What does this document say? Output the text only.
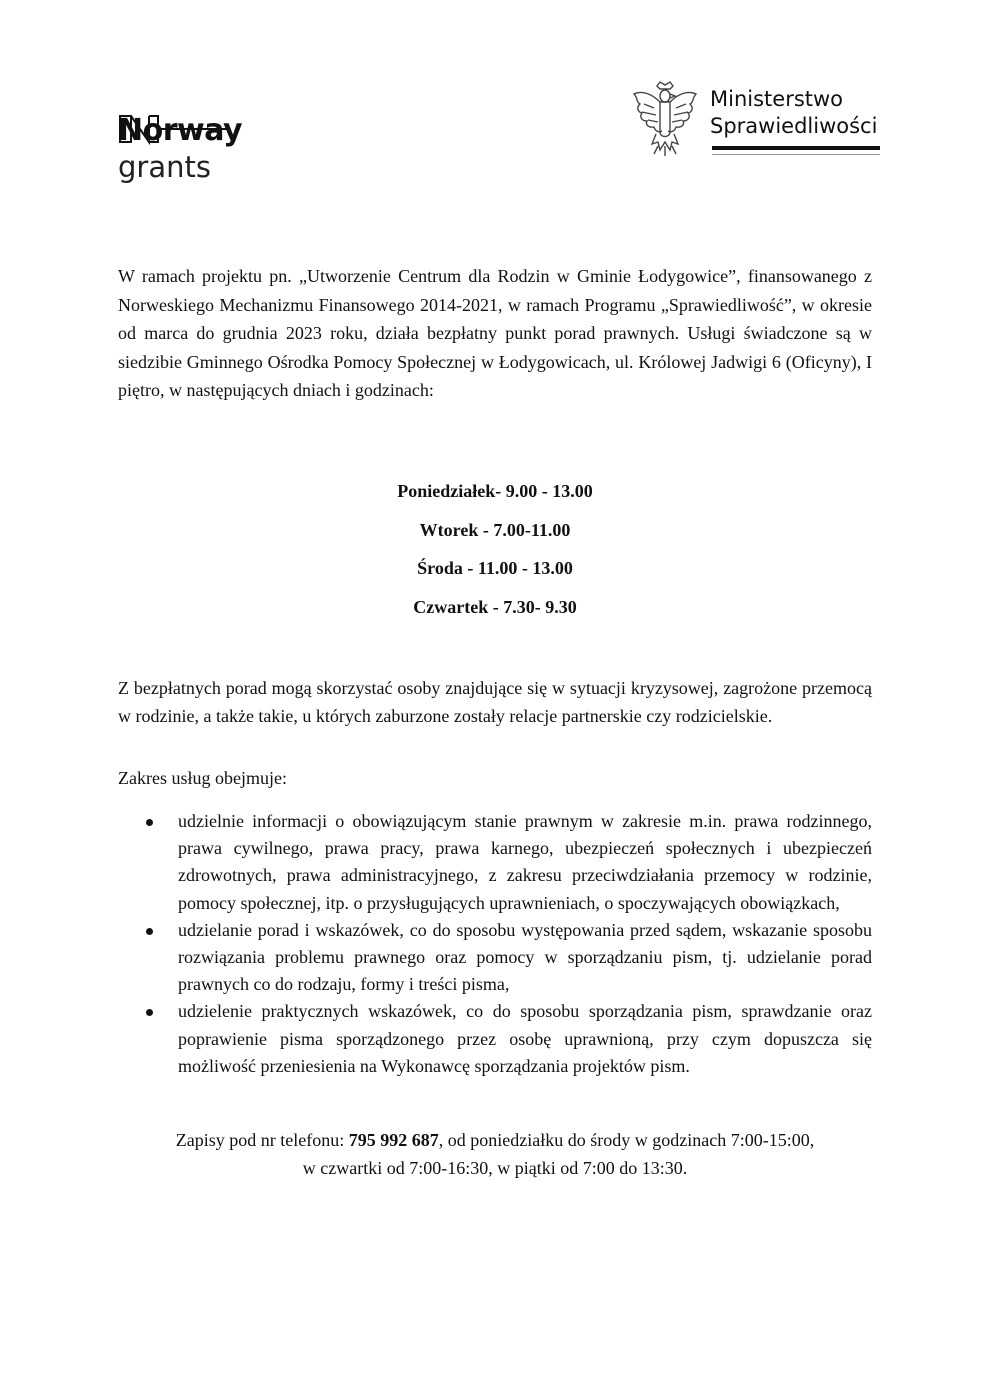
Norway
grants
Ministerstwo
Sprawiedliwości

W ramach projektu pn. „Utworzenie Centrum dla Rodzin w Gminie Łodygowice”, finansowanego z Norweskiego Mechanizmu Finansowego 2014-2021, w ramach Programu „Sprawiedliwość”, w okresie od marca do grudnia 2023 roku, działa bezpłatny punkt porad prawnych. Usługi świadczone są w siedzibie Gminnego Ośrodka Pomocy Społecznej w Łodygowicach, ul. Królowej Jadwigi 6 (Oficyny), I piętro, w następujących dniach i godzinach:

Poniedziałek- 9.00 - 13.00
Wtorek - 7.00-11.00
Środa - 11.00 - 13.00
Czwartek - 7.30- 9.30

Z bezpłatnych porad mogą skorzystać osoby znajdujące się w sytuacji kryzysowej, zagrożone przemocą w rodzinie, a także takie, u których zaburzone zostały relacje partnerskie czy rodzicielskie.

Zakres usług obejmuje:

udzielnie informacji o obowiązującym stanie prawnym w zakresie m.in. prawa rodzinnego, prawa cywilnego, prawa pracy, prawa karnego, ubezpieczeń społecznych i ubezpieczeń zdrowotnych, prawa administracyjnego, z zakresu przeciwdziałania przemocy w rodzinie, pomocy społecznej, itp. o przysługujących uprawnieniach, o spoczywających obowiązkach,
udzielanie porad i wskazówek, co do sposobu występowania przed sądem, wskazanie sposobu rozwiązania problemu prawnego oraz pomocy w sporządzaniu pism, tj. udzielanie porad prawnych co do rodzaju, formy i treści pisma,
udzielenie praktycznych wskazówek, co do sposobu sporządzania pism, sprawdzanie oraz poprawienie pisma sporządzonego przez osobę uprawnioną, przy czym dopuszcza się możliwość przeniesienia na Wykonawcę sporządzania projektów pism.
Zapisy pod nr telefonu: 795 992 687, od poniedziałku do środy w godzinach 7:00-15:00,
w czwartki od 7:00-16:30, w piątki od 7:00 do 13:30.
